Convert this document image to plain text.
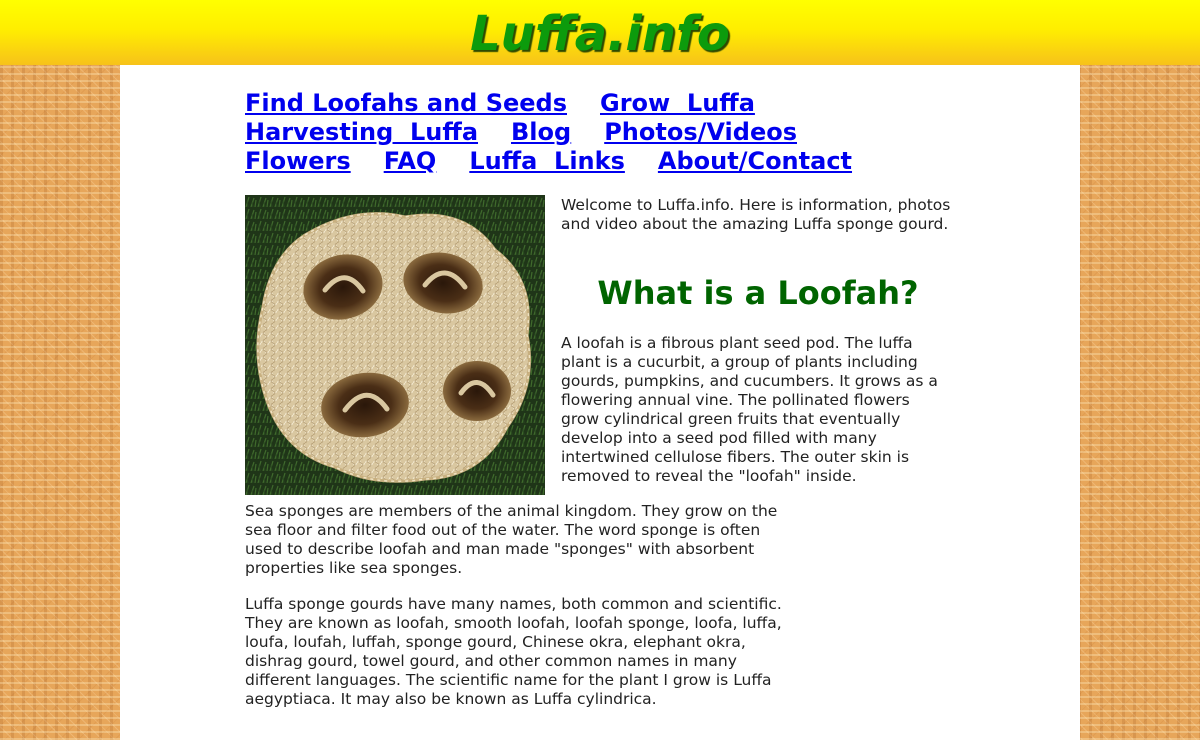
Luffa.info
Find Loofahs and Seeds Grow  Luffa
Harvesting  Luffa Blog Photos/Videos
Flowers FAQ Luffa  Links About/Contact

Welcome to Luffa.info. Here is information, photos and video about the amazing Luffa sponge gourd.

What is a Loofah?

A loofah is a fibrous plant seed pod. The luffa plant is a cucurbit, a group of plants including gourds, pumpkins, and cucumbers. It grows as a flowering annual vine. The pollinated flowers grow cylindrical green fruits that eventually develop into a seed pod filled with many intertwined cellulose fibers. The outer skin is removed to reveal the "loofah" inside.

Sea sponges are members of the animal kingdom. They grow on the sea floor and filter food out of the water. The word sponge is often used to describe loofah and man made "sponges" with absorbent properties like sea sponges.

Luffa sponge gourds have many names, both common and scientific. They are known as loofah, smooth loofah, loofah sponge, loofa, luffa, loufa, loufah, luffah, sponge gourd, Chinese okra, elephant okra, dishrag gourd, towel gourd, and other common names in many different languages. The scientific name for the plant I grow is Luffa aegyptiaca. It may also be known as Luffa cylindrica.
